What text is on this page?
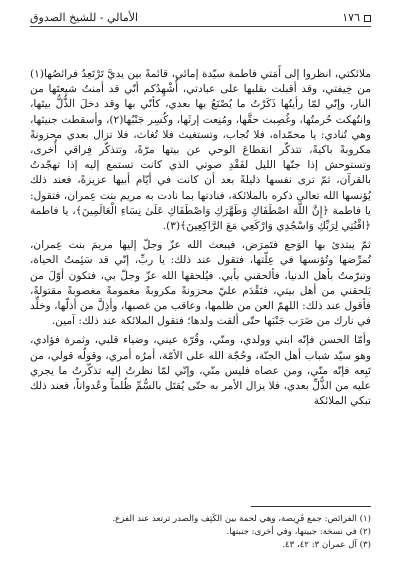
١٧٦
الأمالي - للشيخ الصدوق

ملائكتي، انظروا إلى أَمَتي فاطمة سيّدة إمائي، قائمةً بين يديَّ تَرْتَعِدُ فرائصُها(١) من خِيفتي، وقد أقبلت بقلبها على عبادتي، أُشْهِدُكم أنّي قد أمنتُ شيعتَها من النار، وإنّي لمّا رأيتُها ذَكَرْتُ ما يُصْنَعُ بها بعدي، كأنّي بها وقد دخلَ الذُّلُّ بيتَها، وانتُهكت حُرمتُها، وغُصِبت حقَّها، ومُنِعت إرثَها، وكُسِر جَنْبُها(٢)، وأسقطت جنينَها، وهي تُنادي: يا محمّداه، فلا تُجاب، وتستغيث فلا تُغاث، فلا تزال بعدي محزونةً مكروبةً باكيةً، تتذكّر انقطاعَ الوحي عن بيتها مرّةً، وتتذكّر فِراقي أُخرى، وتستوحش إذا جنّها الليل لفَقْدِ صوتي الذي كانت تستمع إليه إذا تهجّدتُ بالقرآن، ثمّ ترى نفسها ذليلةً بعد أن كانت في أيّام أبيها عزيزةً، فعند ذلك يُؤنسها الله تعالى ذكره بالملائكة، فنادتها بما نادت به مريم بنت عِمران، فتقول: يا فاطمة ﴿إِنَّ اللَّهَ اصْطَفَاكِ وَطَهَّرَكِ وَاصْطَفَاكِ عَلَىٰ نِسَاءِ الْعَالَمِينَ﴾، يا فاطمة ﴿اقْنُتِي لِرَبِّكِ وَاسْجُدِي وَارْكَعِي مَعَ الرَّاكِعِينَ﴾(٣).

ثمّ يبتدئ بها الوَجع فتَمرَض، فيبعث الله عزّ وجلّ إليها مريمَ بنت عِمران، تُمرِّضها وتُؤنسها في عِلّتها، فتقول عند ذلك: يا ربِّ، إنّي قد سَئِمتُ الحياة، وتبرّمتُ بأهل الدنيا، فألحقني بأبي. فيُلحقها الله عزّ وجلّ بي، فتكون أوّلَ من يَلحقني من أهل بيتي، فتَقْدَم عليّ محزونةً مكروبةً مغمومةً مغصوبةً مقتولةً، فأقول عند ذلك: اللهمّ العن من ظلمها، وعاقب من غصبها، وأذِلَّ من أذلّها، وخلِّد في نارك من ضَرَب جَنْبَها حتّى ألقت ولدها؛ فتقول الملائكة عند ذلك: آمين.

وأمّا الحسن فإنّه ابني وولدي، ومنّي، وقُرّة عيني، وضياء قلبي، وثمرة فؤادي، وهو سيّد شباب أهل الجنّة، وحُجّة الله على الأمّة، أمرُه أمري، وقولُه قولي، من تَبِعه فإنّه منّي، ومن عصاه فليس منّي، وإنّي لمّا نظرتُ إليه تذكّرتُ ما يجري عليه من الذُّلِّ بعدي، فلا يزال الأمر به حتّى يُقتَل بالسُّمِّ ظُلماً وعُدواناً، فعند ذلك تبكي الملائكة

(١) الفرائص: جمع فَرِيصة، وهي لحمة بين الكَتِف والصدر ترتعد عند الفزع.
(٢) في نسخة: جبينها، وفي أخرى: جنبتها.
(٣) آل عمران ٣: ٤٢، ٤٣.
